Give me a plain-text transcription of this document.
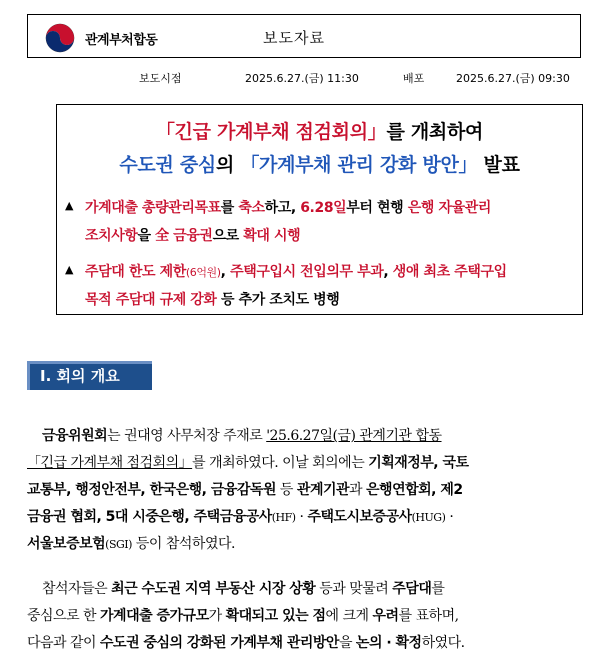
관계부처합동	보도자료
보도시점	2025.6.27.(금) 11:30	배포	2025.6.27.(금) 09:30
「긴급 가계부채 점검회의」를 개최하여
수도권 중심의 「가계부채 관리 강화 방안」 발표
▲ 가계대출 총량관리목표를 축소하고, 6.28일부터 현행 은행 자율관리
조치사항을 全 금융권으로 확대 시행
▲ 주담대 한도 제한(6억원), 주택구입시 전입의무 부과, 생애 최초 주택구입
목적 주담대 규제 강화 등 추가 조치도 병행
Ⅰ. 회의 개요
금융위원회는 권대영 사무처장 주재로 '25.6.27일(금) 관계기관 합동
「긴급 가계부채 점검회의」를 개최하였다. 이날 회의에는 기획재정부, 국토
교통부, 행정안전부, 한국은행, 금융감독원 등 관계기관과 은행연합회, 제2
금융권 협회, 5대 시중은행, 주택금융공사(HF) · 주택도시보증공사(HUG) ·
서울보증보험(SGI) 등이 참석하였다.
참석자들은 최근 수도권 지역 부동산 시장 상황 등과 맞물려 주담대를
중심으로 한 가계대출 증가규모가 확대되고 있는 점에 크게 우려를 표하며,
다음과 같이 수도권 중심의 강화된 가계부채 관리방안을 논의 · 확정하였다.
